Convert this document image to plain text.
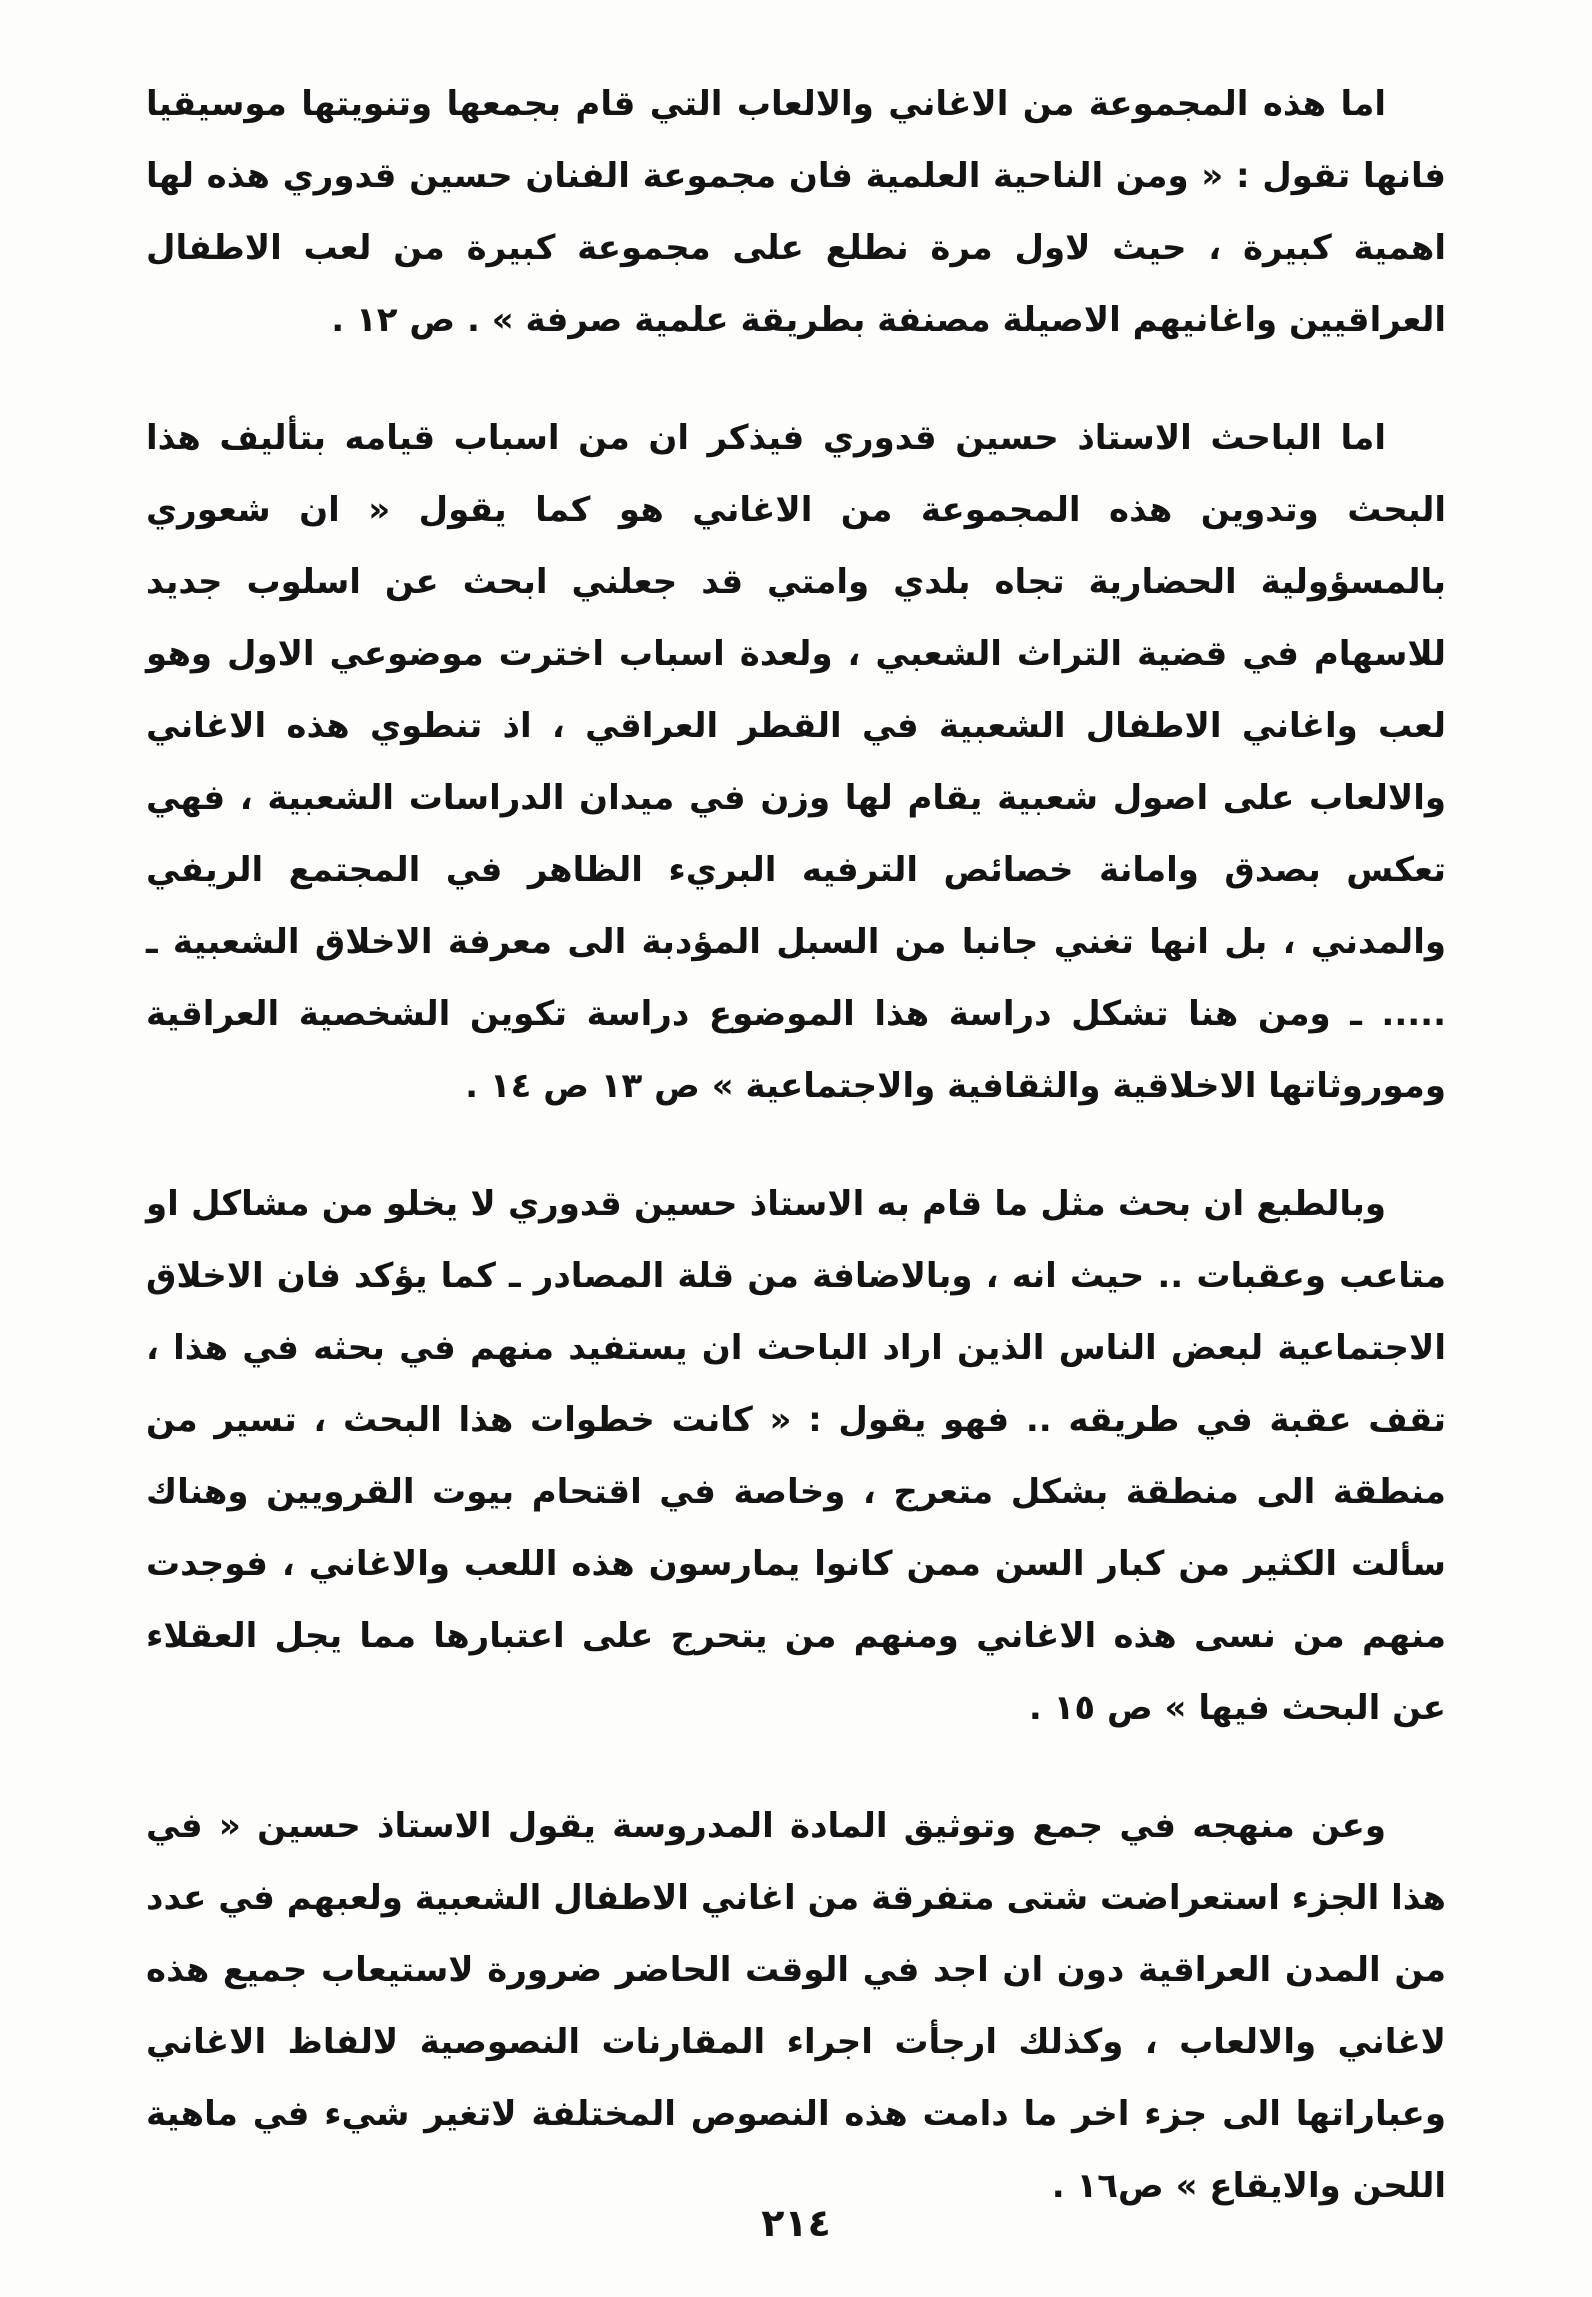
اما هذه المجموعة من الاغاني والالعاب التي قام بجمعها وتنويتها موسيقيا فانها تقول : « ومن الناحية العلمية فان مجموعة الفنان حسين قدوري هذه لها اهمية كبيرة ، حيث لاول مرة نطلع على مجموعة كبيرة من لعب الاطفال العراقيين واغانيهم الاصيلة مصنفة بطريقة علمية صرفة » . ص ١٢ .

اما الباحث الاستاذ حسين قدوري فيذكر ان من اسباب قيامه بتأليف هذا البحث وتدوين هذه المجموعة من الاغاني هو كما يقول « ان شعوري بالمسؤولية الحضارية تجاه بلدي وامتي قد جعلني ابحث عن اسلوب جديد للاسهام في قضية التراث الشعبي ، ولعدة اسباب اخترت موضوعي الاول وهو لعب واغاني الاطفال الشعبية في القطر العراقي ، اذ تنطوي هذه الاغاني والالعاب على اصول شعبية يقام لها وزن في ميدان الدراسات الشعبية ، فهي تعكس بصدق وامانة خصائص الترفيه البريء الظاهر في المجتمع الريفي والمدني ، بل انها تغني جانبا من السبل المؤدبة الى معرفة الاخلاق الشعبية ـ ..... ـ ومن هنا تشكل دراسة هذا الموضوع دراسة تكوين الشخصية العراقية وموروثاتها الاخلاقية والثقافية والاجتماعية » ص ١٣ ص ١٤ .

وبالطبع ان بحث مثل ما قام به الاستاذ حسين قدوري لا يخلو من مشاكل او متاعب وعقبات .. حيث انه ، وبالاضافة من قلة المصادر ـ كما يؤكد فان الاخلاق الاجتماعية لبعض الناس الذين اراد الباحث ان يستفيد منهم في بحثه في هذا ، تقف عقبة في طريقه .. فهو يقول : « كانت خطوات هذا البحث ، تسير من منطقة الى منطقة بشكل متعرج ، وخاصة في اقتحام بيوت القرويين وهناك سألت الكثير من كبار السن ممن كانوا يمارسون هذه اللعب والاغاني ، فوجدت منهم من نسى هذه الاغاني ومنهم من يتحرج على اعتبارها مما يجل العقلاء عن البحث فيها » ص ١٥ .

وعن منهجه في جمع وتوثيق المادة المدروسة يقول الاستاذ حسين « في هذا الجزء استعراضت شتى متفرقة من اغاني الاطفال الشعبية ولعبهم في عدد من المدن العراقية دون ان اجد في الوقت الحاضر ضرورة لاستيعاب جميع هذه لاغاني والالعاب ، وكذلك ارجأت اجراء المقارنات النصوصية لالفاظ الاغاني وعباراتها الى جزء اخر ما دامت هذه النصوص المختلفة لاتغير شيء في ماهية اللحن والايقاع » ص١٦ .

٢١٤
